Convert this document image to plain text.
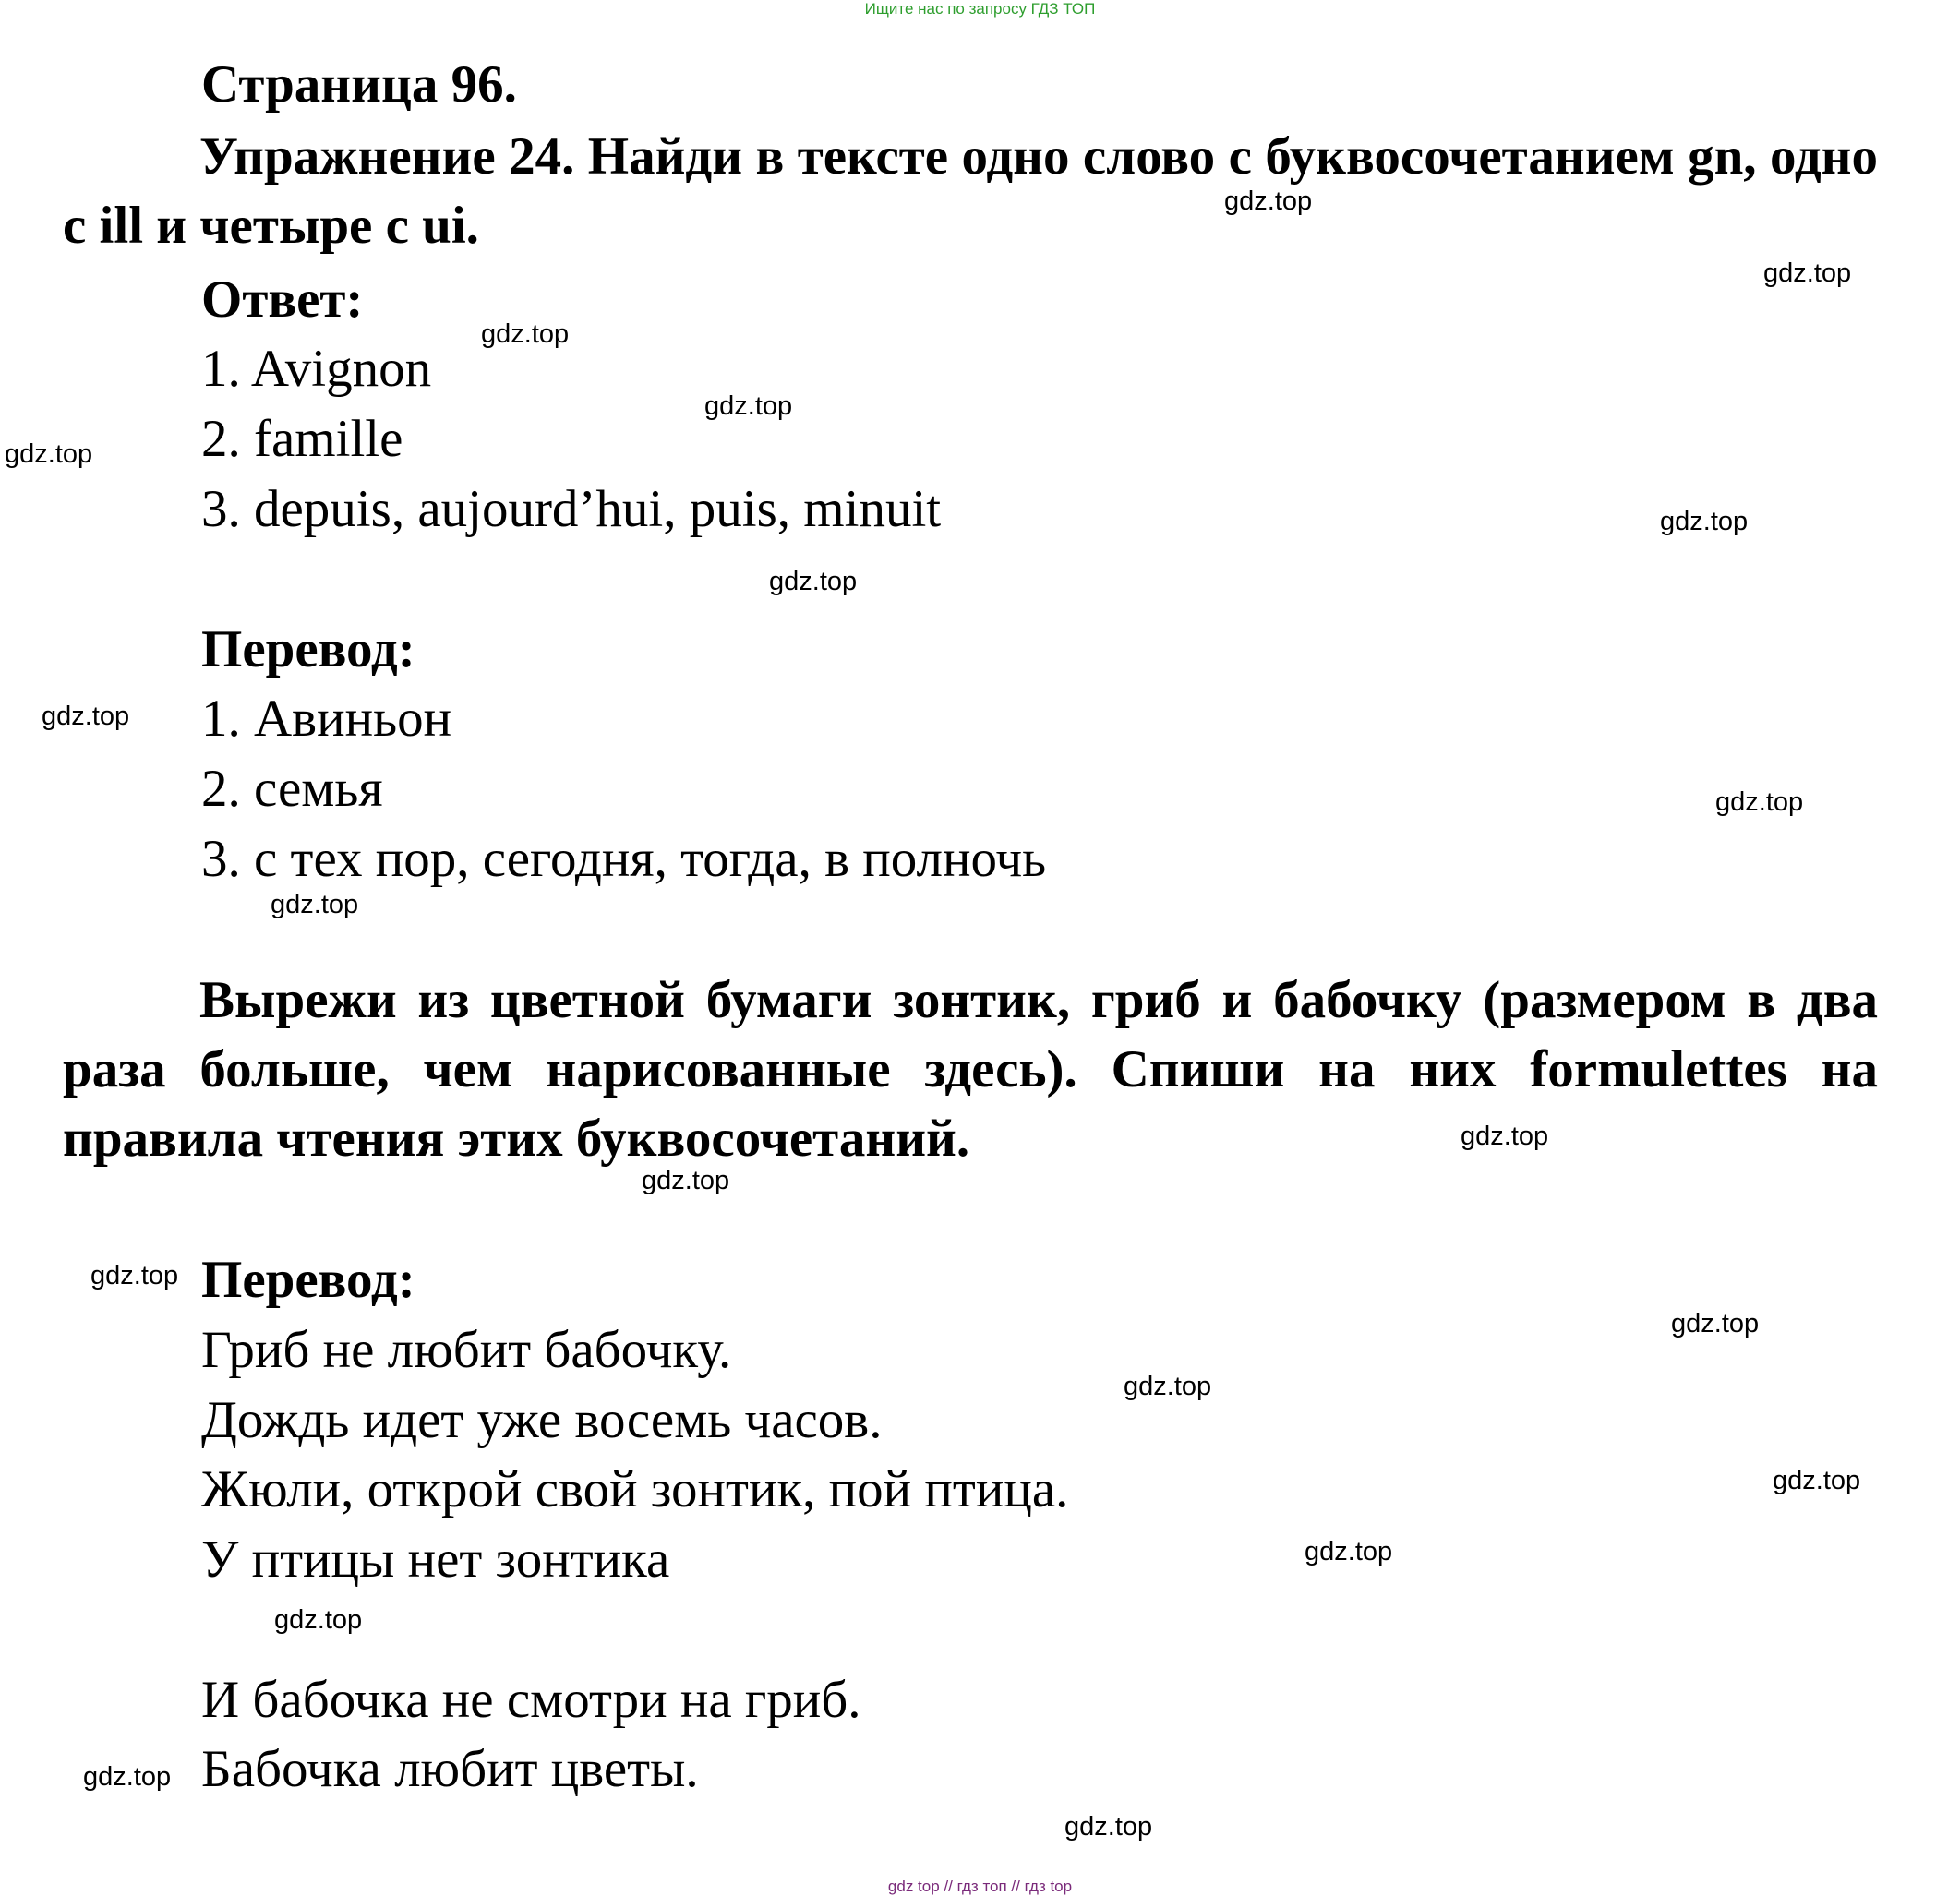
Ищите нас по запросу ГДЗ ТОП
Страница 96.

Упражнение 24. Найди в тексте одно слово с буквосочетанием gn, одно с ill и четыре с ui.

Ответ:
1. Avignon
2. famille
3. depuis, aujourd’hui, puis, minuit
Перевод:
1. Авиньон
2. семья
3. с тех пор, сегодня, тогда, в полночь

Вырежи из цветной бумаги зонтик, гриб и бабочку (размером в два раза больше, чем нарисованные здесь). Спиши на них formulettes на правила чтения этих буквосочетаний.

Перевод:
Гриб не любит бабочку.
Дождь идет уже восемь часов.
Жюли, открой свой зонтик, пой птица.
У птицы нет зонтика
И бабочка не смотри на гриб.
Бабочка любит цветы.
gdz.top
gdz.top
gdz.top
gdz.top
gdz.top
gdz.top
gdz.top
gdz.top
gdz.top
gdz.top
gdz.top
gdz.top
gdz.top
gdz.top
gdz.top
gdz.top
gdz.top
gdz.top
gdz.top
gdz.top
gdz top // гдз топ // гдз top
